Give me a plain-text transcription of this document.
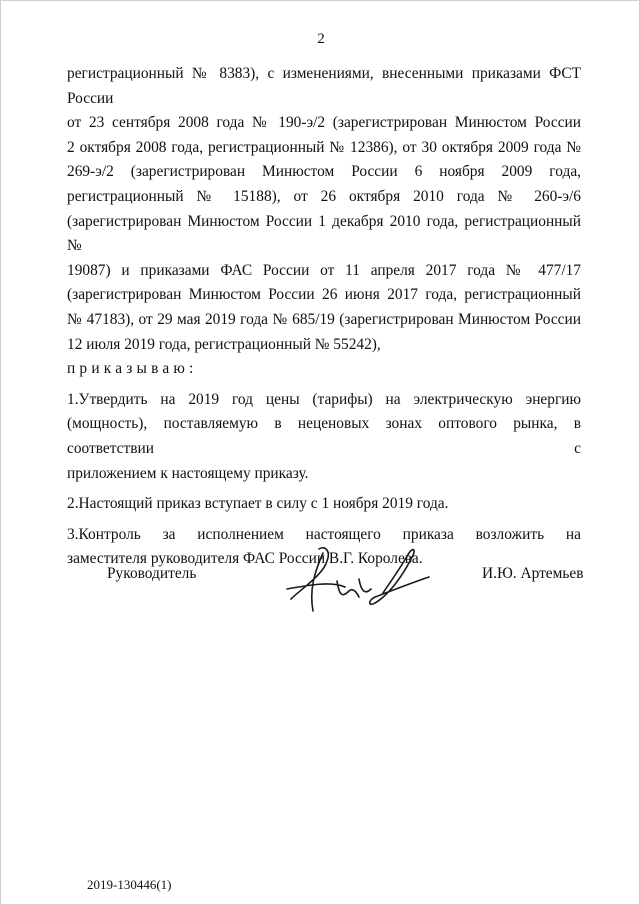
2

регистрационный № 8383), с изменениями, внесенными приказами ФСТ России

от 23 сентября 2008 года № 190-э/2 (зарегистрирован Минюстом России

2 октября 2008 года, регистрационный № 12386), от 30 октября 2009 года №

269-э/2 (зарегистрирован Минюстом России 6 ноября 2009 года,

регистрационный № 15188), от 26 октября 2010 года № 260-э/6

(зарегистрирован Минюстом России 1 декабря 2010 года, регистрационный №

19087) и приказами ФАС России от 11 апреля 2017 года № 477/17

(зарегистрирован Минюстом России 26 июня 2017 года, регистрационный

№ 47183), от 29 мая 2019 года № 685/19 (зарегистрирован Минюстом России

12 июля 2019 года, регистрационный № 55242),

приказываю:

1.Утвердить на 2019 год цены (тарифы) на электрическую энергию

(мощность), поставляемую в неценовых зонах оптового рынка, в соответствии с

приложением к настоящему приказу.

2.Настоящий приказ вступает в силу с 1 ноября 2019 года.

3.Контроль за исполнением настоящего приказа возложить на

заместителя руководителя ФАС России В.Г. Королева.

Руководитель	И.Ю. Артемьев
2019-130446(1)
